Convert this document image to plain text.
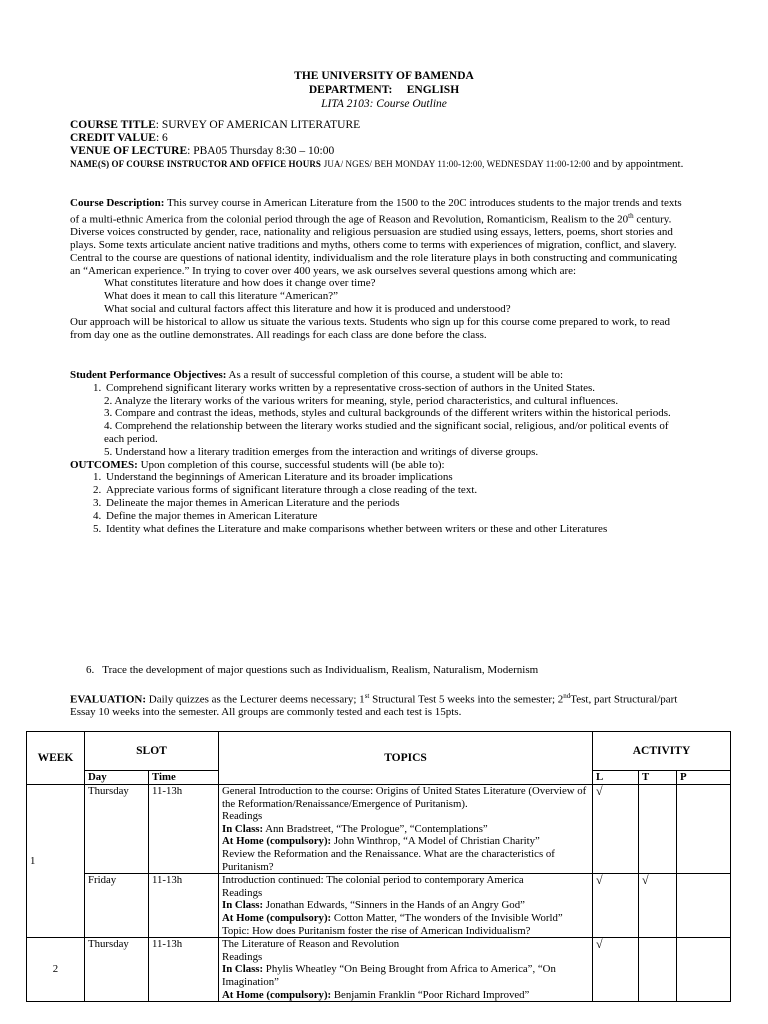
THE UNIVERSITY OF BAMENDA
DEPARTMENT:     ENGLISH
LITA 2103: Course Outline
COURSE TITLE: SURVEY OF AMERICAN LITERATURE
CREDIT VALUE: 6
VENUE OF LECTURE: PBA05 Thursday 8:30 – 10:00
NAME(S) OF COURSE INSTRUCTOR AND OFFICE HOURS JUA/ NGES/ BEH MONDAY 11:00-12:00, WEDNESDAY 11:00-12:00 and by appointment.
Course Description: This survey course in American Literature from the 1500 to the 20C introduces students to the major trends and texts of a multi-ethnic America from the colonial period through the age of Reason and Revolution, Romanticism, Realism to the 20th century. Diverse voices constructed by gender, race, nationality and religious persuasion are studied using essays, letters, poems, short stories and plays. Some texts articulate ancient native traditions and myths, others come to terms with experiences of migration, conflict, and slavery. Central to the course are questions of national identity, individualism and the role literature plays in both constructing and communicating an “American experience.” In trying to cover over 400 years, we ask ourselves several questions among which are:
What constitutes literature and how does it change over time?
What does it mean to call this literature “American?”
What social and cultural factors affect this literature and how it is produced and understood?
Our approach will be historical to allow us situate the various texts. Students who sign up for this course come prepared to work, to read from day one as the outline demonstrates. All readings for each class are done before the class.
Student Performance Objectives: As a result of successful completion of this course, a student will be able to:
1. Comprehend significant literary works written by a representative cross-section of authors in the United States.
2. Analyze the literary works of the various writers for meaning, style, period characteristics, and cultural influences.
3. Compare and contrast the ideas, methods, styles and cultural backgrounds of the different writers within the historical periods.
4. Comprehend the relationship between the literary works studied and the significant social, religious, and/or political events of each period.
5. Understand how a literary tradition emerges from the interaction and writings of diverse groups.
OUTCOMES: Upon completion of this course, successful students will (be able to):
1. Understand the beginnings of American Literature and its broader implications
2. Appreciate various forms of significant literature through a close reading of the text.
3. Delineate the major themes in American Literature and the periods
4. Define the major themes in American Literature
5. Identity what defines the Literature and make comparisons whether between writers or these and other Literatures
6.   Trace the development of major questions such as Individualism, Realism, Naturalism, Modernism
EVALUATION: Daily quizzes as the Lecturer deems necessary; 1st Structural Test 5 weeks into the semester; 2ndTest, part Structural/part Essay 10 weeks into the semester. All groups are commonly tested and each test is 15pts.
WEEK	SLOT		TOPICS	ACTIVITY		
	Day	Time		L	T	P
1	Thursday	11-13h	General Introduction to the course: Origins of United States Literature (Overview of the Reformation/Renaissance/Emergence of Puritanism).
Readings
In Class: Ann Bradstreet, “The Prologue”, “Contemplations”
At Home (compulsory): John Winthrop, “A Model of Christian Charity”
Review the Reformation and the Renaissance. What are the characteristics of Puritanism?	√		
	Friday	11-13h	Introduction continued: The colonial period to contemporary America
Readings
In Class: Jonathan Edwards, “Sinners in the Hands of an Angry God”
At Home (compulsory): Cotton Matter, “The wonders of the Invisible World”
Topic: How does Puritanism foster the rise of American Individualism?	√	√	
2	Thursday	11-13h	The Literature of Reason and Revolution
Readings
In Class: Phylis Wheatley “On Being Brought from Africa to America”, “On Imagination”
At Home (compulsory): Benjamin Franklin “Poor Richard Improved”	√		
